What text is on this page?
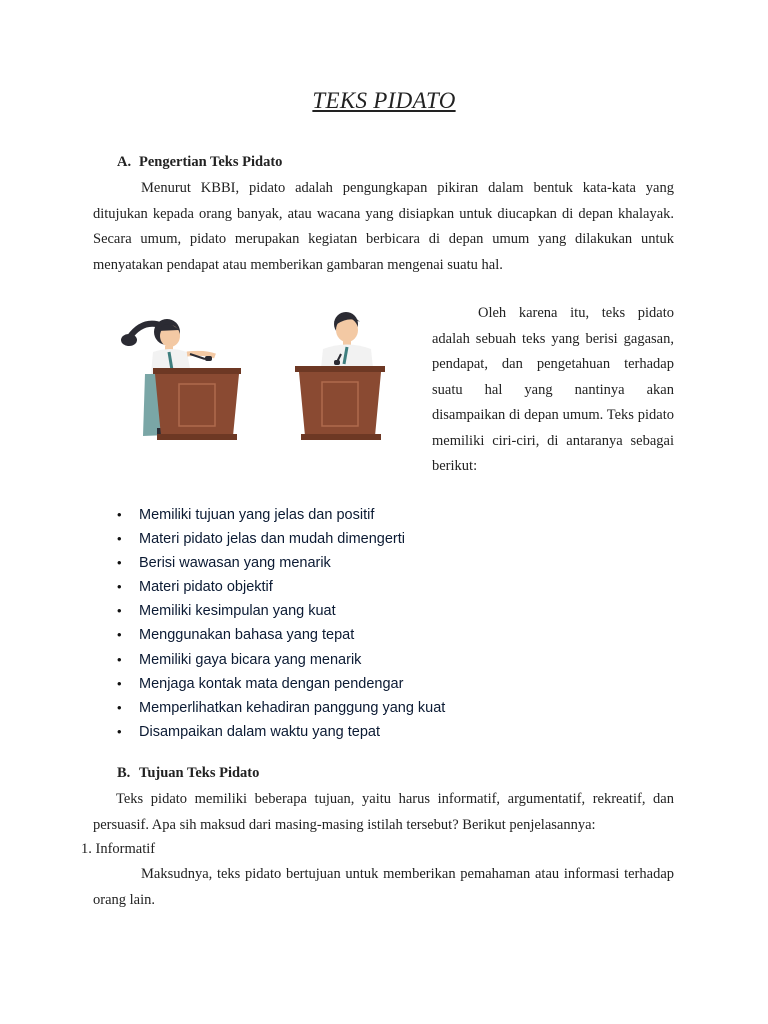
TEKS PIDATO
A. Pengertian Teks Pidato
Menurut KBBI, pidato adalah pengungkapan pikiran dalam bentuk kata-kata yang ditujukan kepada orang banyak, atau wacana yang disiapkan untuk diucapkan di depan khalayak. Secara umum, pidato merupakan kegiatan berbicara di depan umum yang dilakukan untuk menyatakan pendapat atau memberikan gambaran mengenai suatu hal.
Oleh karena itu, teks pidato adalah sebuah teks yang berisi gagasan, pendapat, dan pengetahuan terhadap suatu hal yang nantinya akan disampaikan di depan umum. Teks pidato memiliki ciri-ciri, di antaranya sebagai berikut:
• Memiliki tujuan yang jelas dan positif
• Materi pidato jelas dan mudah dimengerti
• Berisi wawasan yang menarik
• Materi pidato objektif
• Memiliki kesimpulan yang kuat
• Menggunakan bahasa yang tepat
• Memiliki gaya bicara yang menarik
• Menjaga kontak mata dengan pendengar
• Memperlihatkan kehadiran panggung yang kuat
• Disampaikan dalam waktu yang tepat
B. Tujuan Teks Pidato
Teks pidato memiliki beberapa tujuan, yaitu harus informatif, argumentatif, rekreatif, dan persuasif. Apa sih maksud dari masing-masing istilah tersebut? Berikut penjelasannya:
1. Informatif
Maksudnya, teks pidato bertujuan untuk memberikan pemahaman atau informasi terhadap orang lain.
